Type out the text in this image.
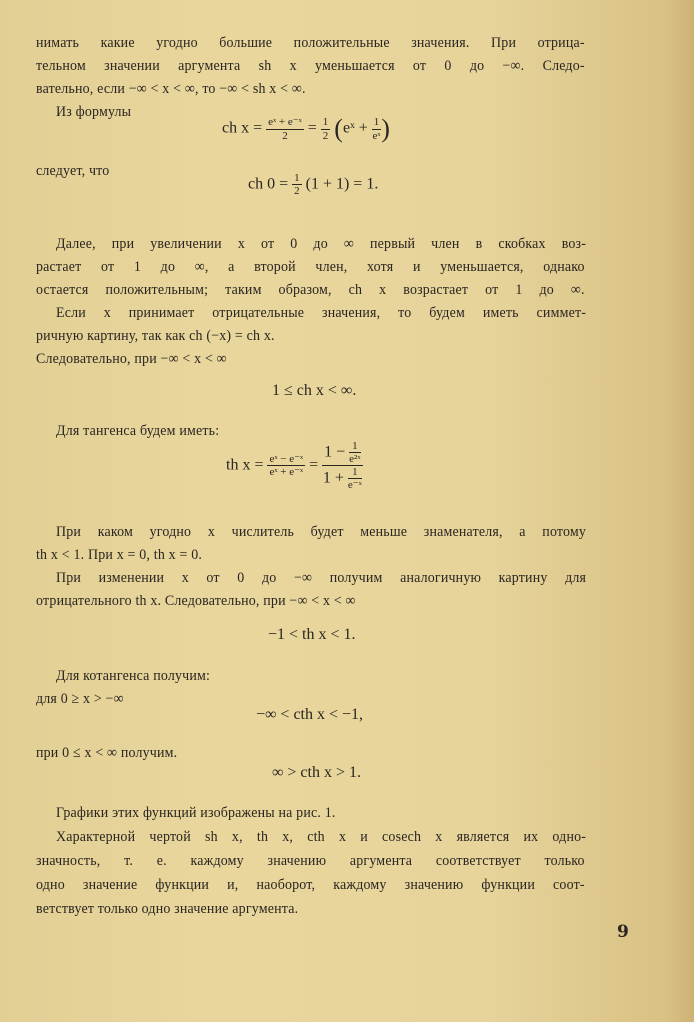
нимать какие угодно большие положительные значения. При отрица-
тельном значении аргумента sh x уменьшается от 0 до −∞. Следо-
вательно, если −∞ < x < ∞, то −∞ < sh x < ∞.
Из формулы
ch $x = \frac{\text{eˣ + e⁻ˣ}}{2} = \frac{1}{2}$ (eˣ + $\frac{1}{\text{eˣ}}$ )
следует, что
ch $0 = \frac{1}{2} (1 + 1) = 1$.
Далее, при увеличении x от 0 до ∞ первый член в скобках воз-
растает от 1 до ∞, а второй член, хотя и уменьшается, однако
остается положительным; таким образом, ch x возрастает от 1 до ∞.
Если x принимает отрицательные значения, то будем иметь симмет-
ричную картину, так как ch (−x) = ch x.
Следовательно, при −∞ < x < ∞
1 ≤ ch x < ∞.
Для тангенса будем иметь:
th $x = \frac{\text{eˣ − e⁻ˣ}}{\text{eˣ + e⁻ˣ}} = \frac{1 - \frac{1}{\text{e²ˣ}}}{1 + \frac{1}{\text{e⁻ˣ}}}$
При каком угодно x числитель будет меньше знаменателя, а потому
th x < 1. При x = 0, th x = 0.
При изменении x от 0 до −∞ получим аналогичную картину для
отрицательного th x. Следовательно, при −∞ < x < ∞
−1 < th x < 1.
Для котангенса получим:
для 0 ≥ x > −∞
−∞ < cth x < −1,
при 0 ≤ x < ∞ получим.
∞ > cth x > 1.
Графики этих функций изображены на рис. 1.
Характерной чертой sh x, th x, cth x и cosech x является их одно-
значность, т. е. каждому значению аргумента соответствует только
одно значение функции и, наоборот, каждому значению функции соот-
ветствует только одно значение аргумента.
9
